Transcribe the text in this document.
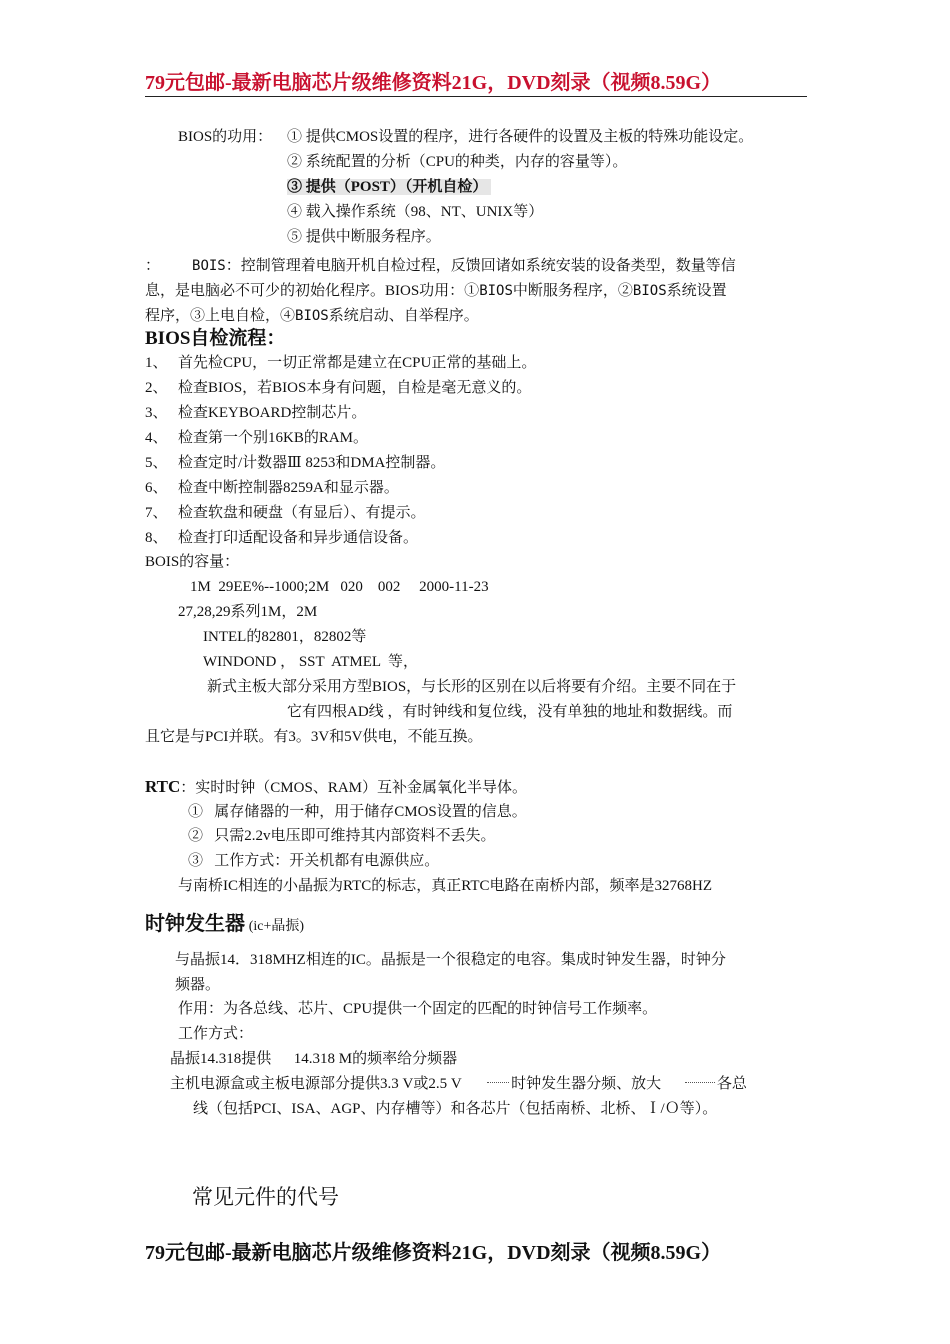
79元包邮-最新电脑芯片级维修资料21G，DVD刻录（视频8.59G）
BIOS的功用： ① 提供CMOS设置的程序，进行各硬件的设置及主板的特殊功能设定。
② 系统配置的分析（CPU的种类，内存的容量等）。
③ 提供（POST）（开机自检）
④ 载入操作系统（98、NT、UNIX等）
⑤ 提供中断服务程序。
： BOIS：控制管理着电脑开机自检过程，反馈回诸如系统安装的设备类型，数量等信
息，是电脑必不可少的初始化程序。BIOS功用：①BIOS中断服务程序，②BIOS系统设置
程序，③上电自检，④BIOS系统启动、自举程序。
BIOS自检流程：
1、 首先检CPU，一切正常都是建立在CPU正常的基础上。
2、 检查BIOS，若BIOS本身有问题，自检是毫无意义的。
3、 检查KEYBOARD控制芯片。
4、 检查第一个别16KB的RAM。
5、 检查定时/计数器Ⅲ 8253和DMA控制器。
6、 检查中断控制器8259A和显示器。
7、 检查软盘和硬盘（有显后）、有提示。
8、 检查打印适配设备和异步通信设备。
BOIS的容量：
1M  29EE%--1000;2M   020    002     2000-11-23
27,28,29系列1M，2M
INTEL的82801，82802等
WINDOND ， SST  ATMEL  等，
新式主板大部分采用方型BIOS，与长形的区别在以后将要有介绍。主要不同在于
它有四根AD线 ，有时钟线和复位线，没有单独的地址和数据线。而
且它是与PCI并联。有3。3V和5V供电，不能互换。
RTC：实时时钟（CMOS、RAM）互补金属氧化半导体。
①   属存储器的一种，用于储存CMOS设置的信息。
②   只需2.2v电压即可维持其内部资料不丢失。
③   工作方式：开关机都有电源供应。
与南桥IC相连的小晶振为RTC的标志，真正RTC电路在南桥内部，频率是32768HZ
时钟发生器 (ic+晶振)
与晶振14．318MHZ相连的IC。晶振是一个很稳定的电容。集成时钟发生器，时钟分
频器。
作用：为各总线、芯片、CPU提供一个固定的匹配的时钟信号工作频率。
工作方式：
晶振14.318提供      14.318 M的频率给分频器
主机电源盒或主板电源部分提供3.3 V或2.5 V	时钟发生器分频、放大	各总
线（包括PCI、ISA、AGP、内存槽等）和各芯片（包括南桥、北桥、Ｉ/Ｏ等）。
常见元件的代号
79元包邮-最新电脑芯片级维修资料21G，DVD刻录（视频8.59G）
